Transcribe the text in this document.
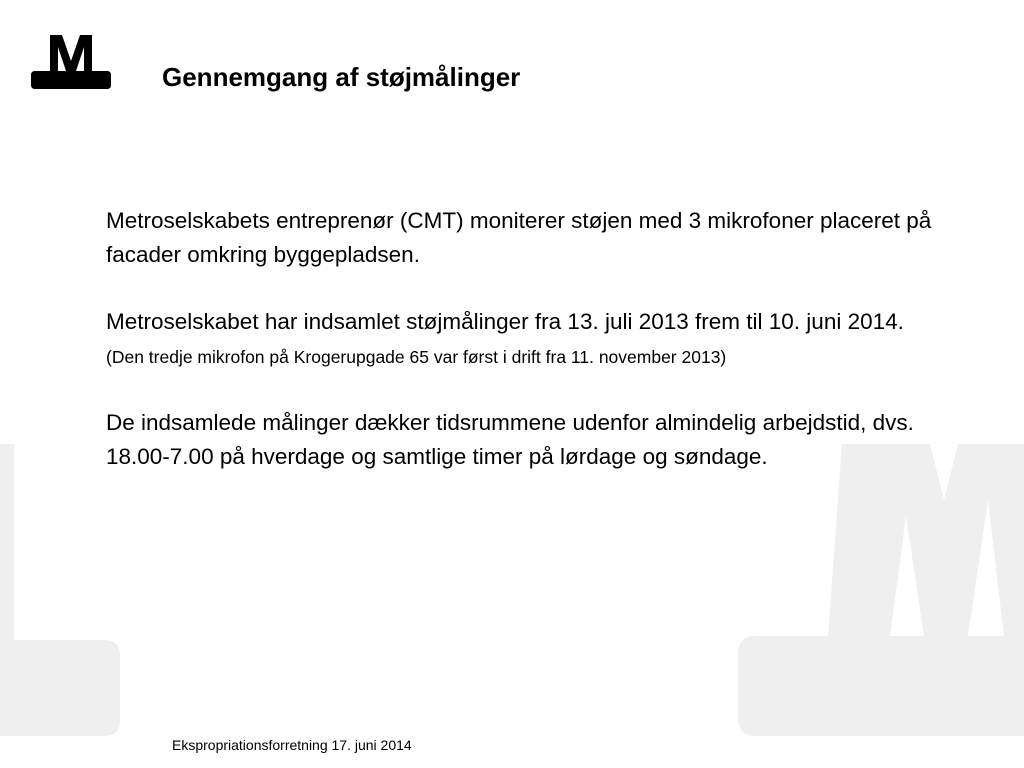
Gennemgang af støjmålinger

Metroselskabets entreprenør (CMT) moniterer støjen med 3 mikrofoner placeret på facader omkring byggepladsen.

Metroselskabet har indsamlet støjmålinger fra 13. juli 2013 frem til 10. juni 2014. (Den tredje mikrofon på Krogerupgade 65 var først i drift fra 11. november 2013)

De indsamlede målinger dækker tidsrummene udenfor almindelig arbejdstid, dvs. 18.00-7.00 på hverdage og samtlige timer på lørdage og søndage.

Ekspropriationsforretning 17. juni 2014
